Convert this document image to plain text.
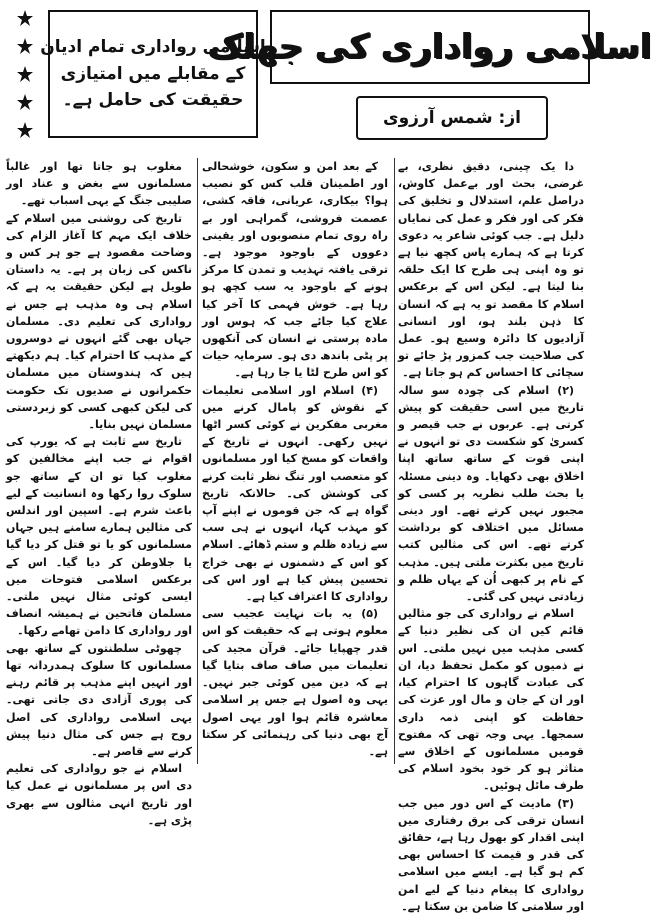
اسلامی رواداری تمام ادیان
کے مقابلے میں امتیازی
حقیقت کی حامل ہے۔
اسلامی رواداری کی جھلک
از: شمس آرزوی

دا یک چینی، دقیق نظری، بے غرضی، بحث اور بےعمل کاوش، دراصل علم، استدلال و تخلیق کی فکر کی اور فکر و عمل کی نمایاں دلیل ہے۔ جب کوئی شاعر یہ دعوی کرتا ہے کہ ہمارے پاس کچھ نیا ہے تو وہ اپنی ہی طرح کا ایک حلقہ بنا لیتا ہے۔ لیکن اس کے برعکس اسلام کا مقصد تو یہ ہے کہ انسان کا ذہن بلند ہو، اور انسانی آزادیوں کا دائرہ وسیع ہو۔ عمل کی صلاحیت جب کمزور پڑ جائے تو سچائی کا احساس کم ہو جاتا ہے۔

(۲) اسلام کی چودہ سو سالہ تاریخ میں اسی حقیقت کو پیش کرتی ہے۔ عربوں نے جب قیصر و کسریٰ کو شکست دی تو انہوں نے اپنی قوت کے ساتھ ساتھ اپنا اخلاق بھی دکھایا۔ وہ دینی مسئلہ یا بحث طلب نظریہ پر کسی کو مجبور نہیں کرتے تھے۔ اور دینی مسائل میں اختلاف کو برداشت کرتے تھے۔ اس کی مثالیں کتب تاریخ میں بکثرت ملتی ہیں۔ مذہب کے نام پر کبھی اُن کے یہاں ظلم و زیادتی نہیں کی گئی۔

اسلام نے رواداری کی جو مثالیں قائم کیں ان کی نظیر دنیا کے کسی مذہب میں نہیں ملتی۔ اس نے ذمیوں کو مکمل تحفظ دیا، ان کی عبادت گاہوں کا احترام کیا، اور ان کے جان و مال اور عزت کی حفاظت کو اپنی ذمہ داری سمجھا۔ یہی وجہ تھی کہ مفتوح قومیں مسلمانوں کے اخلاق سے متاثر ہو کر خود بخود اسلام کی طرف مائل ہوئیں۔

(۳) مادیت کے اس دور میں جب انسان ترقی کی برق رفتاری میں اپنی اقدار کو بھول رہا ہے، حقائق کی قدر و قیمت کا احساس بھی کم ہو گیا ہے۔ ایسے میں اسلامی رواداری کا پیغام دنیا کے لیے امن اور سلامتی کا ضامن بن سکتا ہے۔

کے بعد امن و سکون، خوشحالی اور اطمینان قلب کس کو نصیب ہوا؟ بیکاری، عریانی، فاقہ کشی، عصمت فروشی، گمراہی اور بے راہ روی تمام منصوبوں اور یقینی دعووں کے باوجود موجود ہے۔ ترقی یافتہ تہذیب و تمدن کا مرکز ہونے کے باوجود یہ سب کچھ ہو رہا ہے۔ خوش فہمی کا آخر کیا علاج کیا جائے جب کہ ہوس اور مادہ پرستی نے انسان کی آنکھوں پر پٹی باندھ دی ہو۔ سرمایہ حیات کو اس طرح لٹا یا جا رہا ہے۔

(۴) اسلام اور اسلامی تعلیمات کے نقوش کو پامال کرنے میں مغربی مفکرین نے کوئی کسر اٹھا نہیں رکھی۔ انہوں نے تاریخ کے واقعات کو مسخ کیا اور مسلمانوں کو متعصب اور تنگ نظر ثابت کرنے کی کوشش کی۔ حالانکہ تاریخ گواہ ہے کہ جن قوموں نے اپنے آپ کو مہذب کہا، انہوں نے ہی سب سے زیادہ ظلم و ستم ڈھائے۔ اسلام کو اس کے دشمنوں نے بھی خراج تحسین پیش کیا ہے اور اس کی رواداری کا اعتراف کیا ہے۔

(۵) یہ بات نہایت عجیب سی معلوم ہوتی ہے کہ حقیقت کو اس قدر چھپایا جائے۔ قرآن مجید کی تعلیمات میں صاف صاف بتایا گیا ہے کہ دین میں کوئی جبر نہیں۔ یہی وہ اصول ہے جس پر اسلامی معاشرہ قائم ہوا اور یہی اصول آج بھی دنیا کی رہنمائی کر سکتا ہے۔

مغلوب ہو جاتا تھا اور غالباً مسلمانوں سے بغض و عناد اور صلیبی جنگ کے یہی اسباب تھے۔

تاریخ کی روشنی میں اسلام کے خلاف ایک مہم کا آغاز الزام کی وضاحت مقصود ہے جو ہر کس و ناکس کی زبان پر ہے۔ یہ داستان طویل ہے لیکن حقیقت یہ ہے کہ اسلام ہی وہ مذہب ہے جس نے رواداری کی تعلیم دی۔ مسلمان جہاں بھی گئے انہوں نے دوسروں کے مذہب کا احترام کیا۔ ہم دیکھتے ہیں کہ ہندوستان میں مسلمان حکمرانوں نے صدیوں تک حکومت کی لیکن کبھی کسی کو زبردستی مسلمان نہیں بنایا۔

تاریخ سے ثابت ہے کہ یورپ کی اقوام نے جب اپنے مخالفین کو مغلوب کیا تو ان کے ساتھ جو سلوک روا رکھا وہ انسانیت کے لیے باعث شرم ہے۔ اسپین اور اندلس کی مثالیں ہمارے سامنے ہیں جہاں مسلمانوں کو یا تو قتل کر دیا گیا یا جلاوطن کر دیا گیا۔ اس کے برعکس اسلامی فتوحات میں ایسی کوئی مثال نہیں ملتی۔ مسلمان فاتحین نے ہمیشہ انصاف اور رواداری کا دامن تھامے رکھا۔

چھوٹی سلطنتوں کے ساتھ بھی مسلمانوں کا سلوک ہمدردانہ تھا اور انہیں اپنے مذہب پر قائم رہنے کی پوری آزادی دی جاتی تھی۔ یہی اسلامی رواداری کی اصل روح ہے جس کی مثال دنیا پیش کرنے سے قاصر ہے۔

اسلام نے جو رواداری کی تعلیم دی اس پر مسلمانوں نے عمل کیا اور تاریخ انہی مثالوں سے بھری پڑی ہے۔
